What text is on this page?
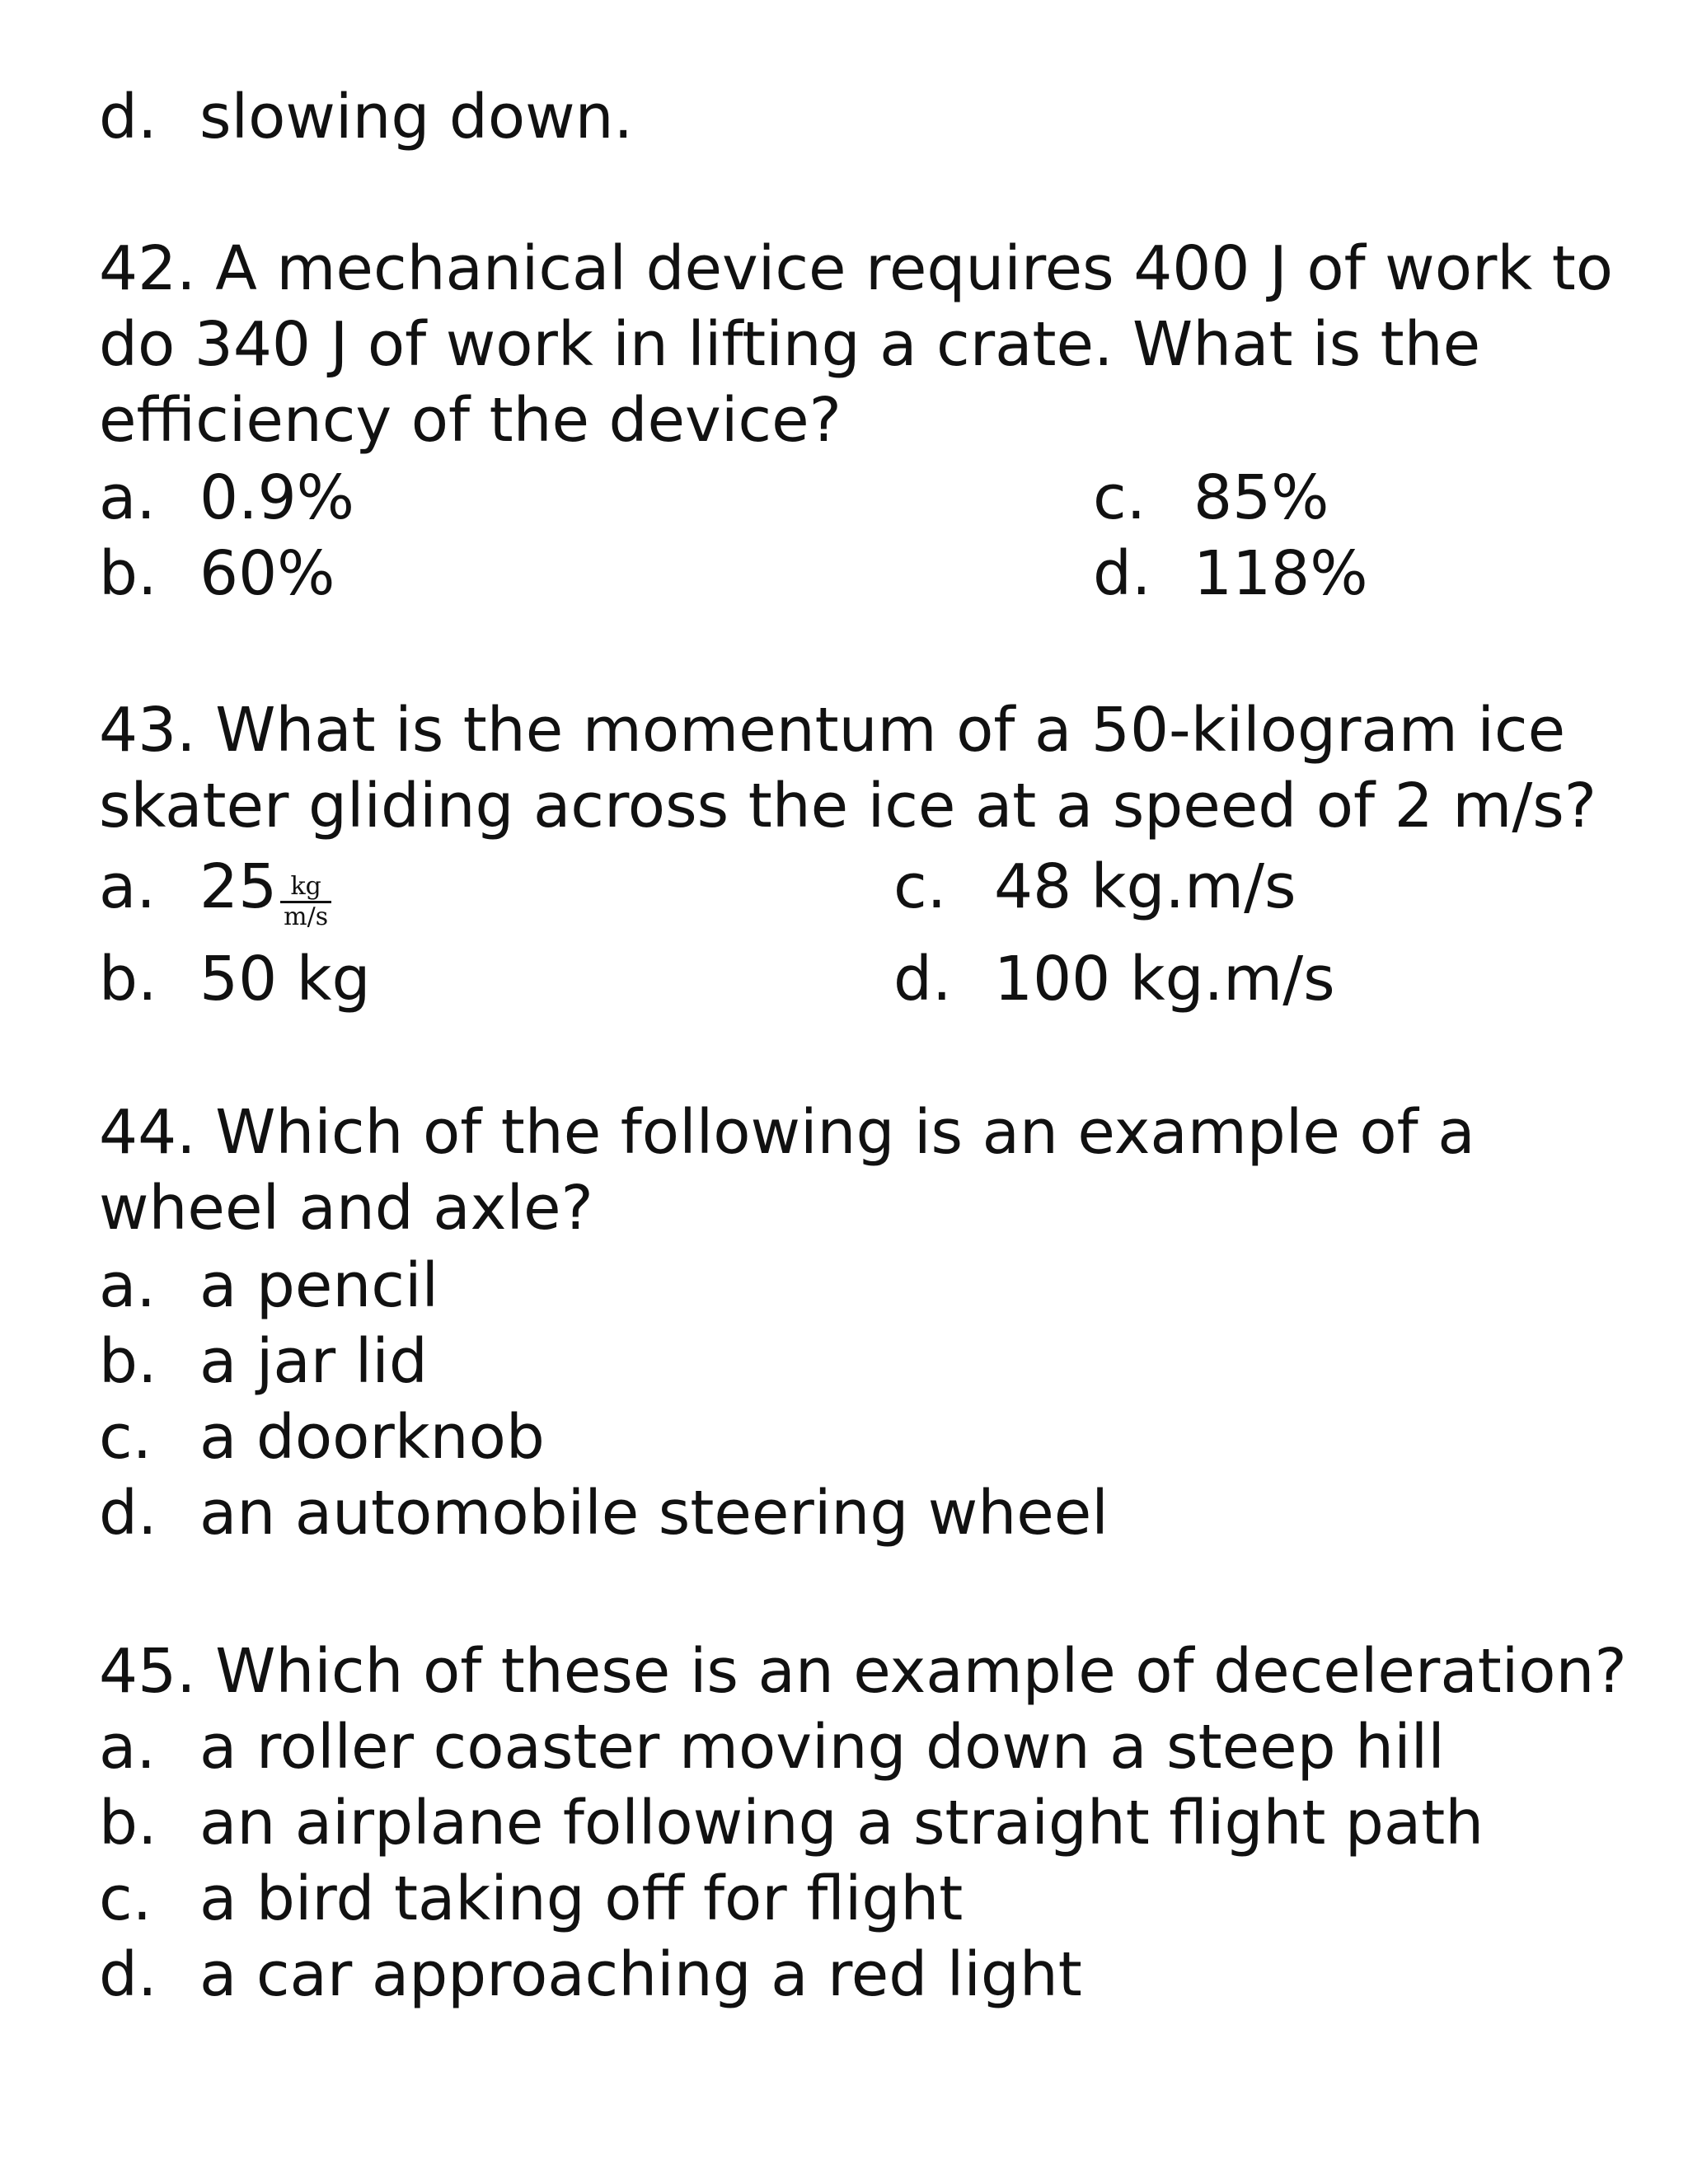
d. slowing down.
42. A mechanical device requires 400 J of work to
do 340 J of work in lifting a crate. What is the
efficiency of the device?
a. 0.9%
b. 60%
c. 85%
d. 118%
43. What is the momentum of a 50-kilogram ice
skater gliding across the ice at a speed of 2 m/s?
a. $25 \frac{kg}{m/s}$
b. 50 kg
c. 48 kg.m/s
d. 100 kg.m/s
44. Which of the following is an example of a
wheel and axle?
a. a pencil
b. a jar lid
c. a doorknob
d. an automobile steering wheel
45. Which of these is an example of deceleration?
a. a roller coaster moving down a steep hill
b. an airplane following a straight flight path
c. a bird taking off for flight
d. a car approaching a red light
